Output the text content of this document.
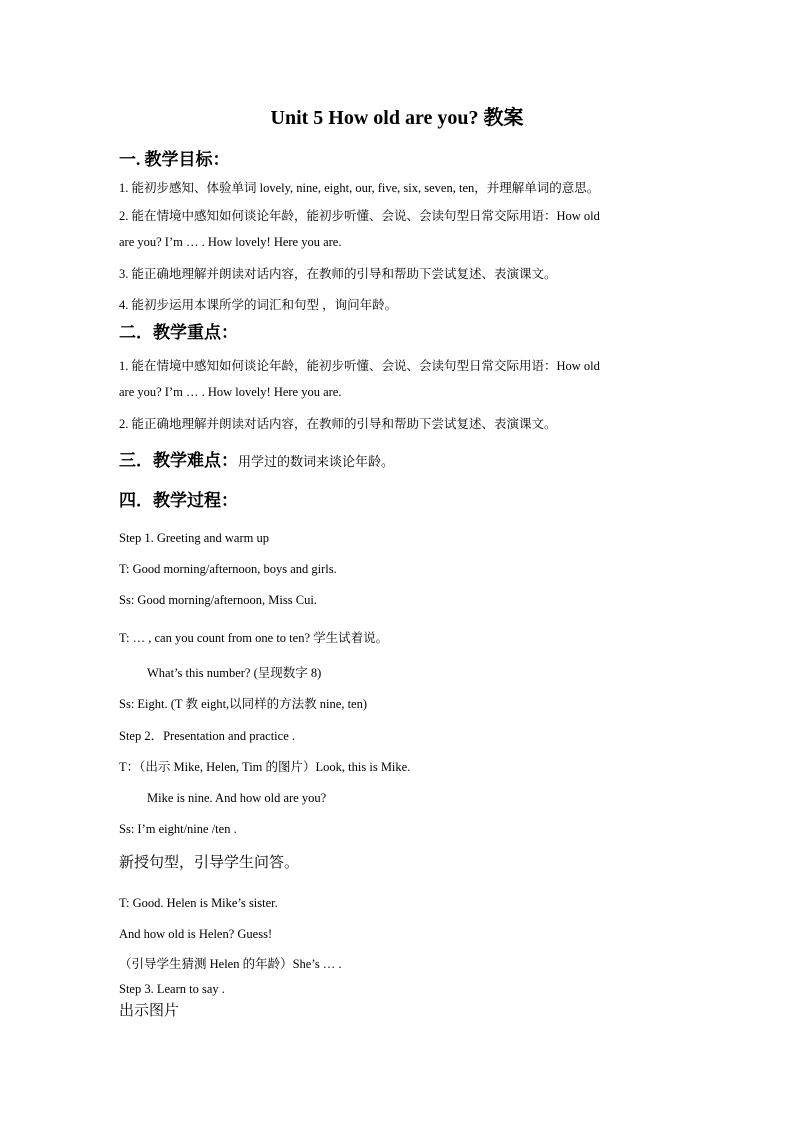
Unit 5 How old are you? 教案
一. 教学目标：
1. 能初步感知、体验单词 lovely, nine, eight, our, five, six, seven, ten，并理解单词的意思。
2. 能在情境中感知如何谈论年龄，能初步听懂、会说、会读句型日常交际用语：How old
are you? I’m … . How lovely! Here you are.
3. 能正确地理解并朗读对话内容，在教师的引导和帮助下尝试复述、表演课文。
4. 能初步运用本课所学的词汇和句型 ，询问年龄。
二．教学重点：
1. 能在情境中感知如何谈论年龄，能初步听懂、会说、会读句型日常交际用语：How old
are you? I’m … . How lovely! Here you are.
2. 能正确地理解并朗读对话内容，在教师的引导和帮助下尝试复述、表演课文。
三．教学难点：用学过的数词来谈论年龄。
四．教学过程：
Step 1. Greeting and warm up
T: Good morning/afternoon, boys and girls.
Ss: Good morning/afternoon, Miss Cui.
T: … , can you count from one to ten? 学生试着说。
What’s this number? (呈现数字 8)
Ss: Eight. (T 教 eight,以同样的方法教 nine, ten)
Step 2．Presentation and practice .
T：（出示 Mike, Helen, Tim 的图片）Look, this is Mike.
Mike is nine. And how old are you?
Ss: I’m eight/nine /ten .
新授句型，引导学生问答。
T: Good. Helen is Mike’s sister.
And how old is Helen? Guess!
（引导学生猜测 Helen 的年龄）She’s … .
Step 3. Learn to say .
出示图片
